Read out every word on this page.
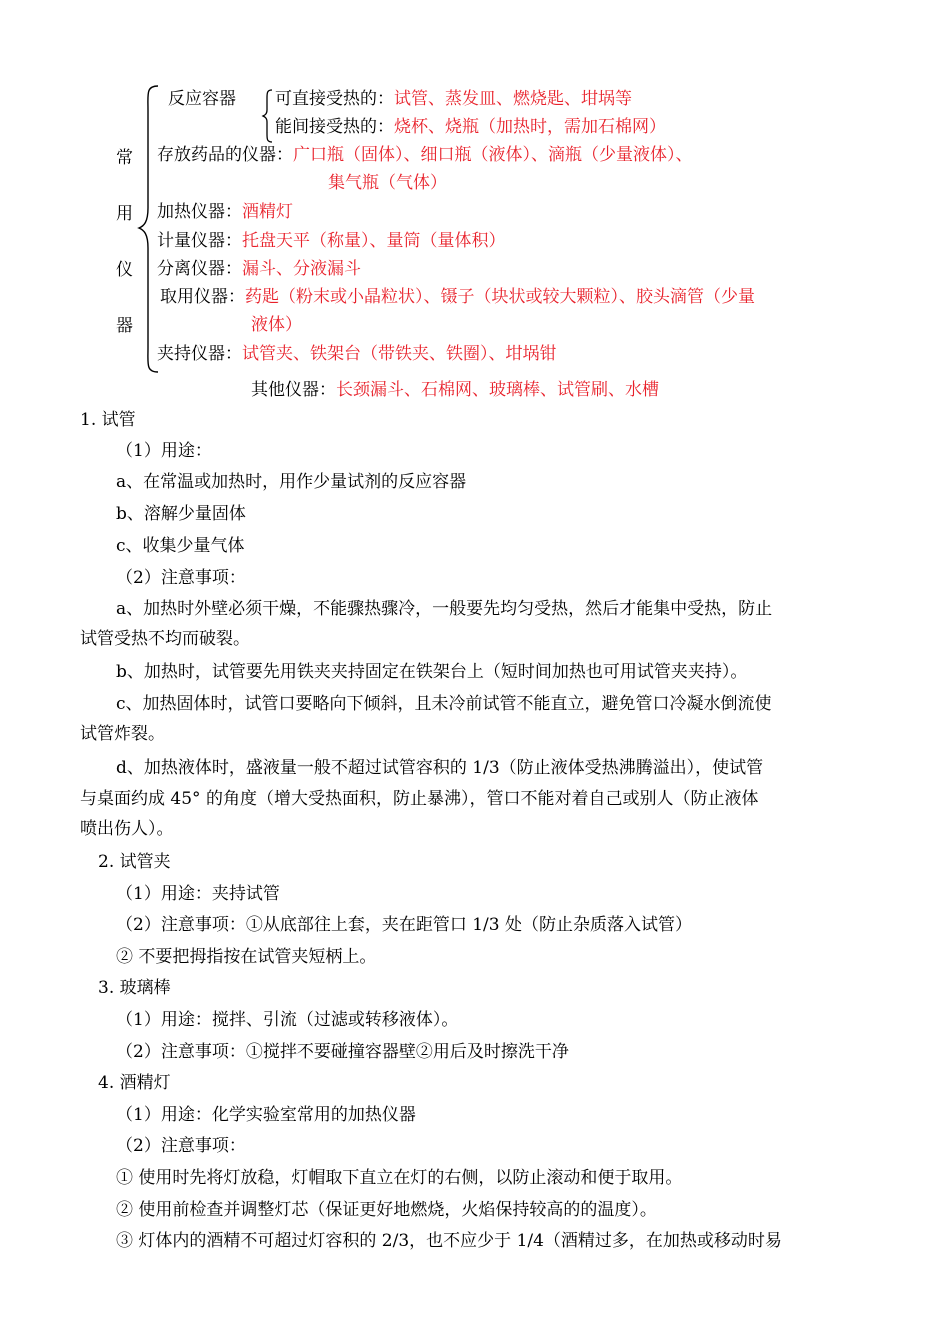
常
用
仪
器
反应容器 可直接受热的：试管、蒸发皿、燃烧匙、坩埚等
能间接受热的：烧杯、烧瓶（加热时，需加石棉网）
存放药品的仪器：广口瓶（固体）、细口瓶（液体）、滴瓶（少量液体）、
集气瓶（气体）
加热仪器：酒精灯
计量仪器：托盘天平（称量）、量筒（量体积）
分离仪器：漏斗、分液漏斗
取用仪器：药匙（粉末或小晶粒状）、镊子（块状或较大颗粒）、胶头滴管（少量
液体）
夹持仪器：试管夹、铁架台（带铁夹、铁圈）、坩埚钳
其他仪器：长颈漏斗、石棉网、玻璃棒、试管刷、水槽
1. 试管
（1）用途：
a、在常温或加热时，用作少量试剂的反应容器
b、溶解少量固体
c、收集少量气体
（2）注意事项：
a、加热时外壁必须干燥，不能骤热骤冷，一般要先均匀受热，然后才能集中受热，防止
试管受热不均而破裂。
b、加热时，试管要先用铁夹夹持固定在铁架台上（短时间加热也可用试管夹夹持）。
c、加热固体时，试管口要略向下倾斜，且未冷前试管不能直立，避免管口冷凝水倒流使
试管炸裂。
d、加热液体时，盛液量一般不超过试管容积的 1/3（防止液体受热沸腾溢出），使试管
与桌面约成 45° 的角度（增大受热面积，防止暴沸），管口不能对着自己或别人（防止液体
喷出伤人）。
2. 试管夹
（1）用途：夹持试管
（2）注意事项：①从底部往上套，夹在距管口 1/3 处（防止杂质落入试管）
② 不要把拇指按在试管夹短柄上。
3. 玻璃棒
（1）用途：搅拌、引流（过滤或转移液体）。
（2）注意事项：①搅拌不要碰撞容器壁②用后及时擦洗干净
4. 酒精灯
（1）用途：化学实验室常用的加热仪器
（2）注意事项：
① 使用时先将灯放稳，灯帽取下直立在灯的右侧，以防止滚动和便于取用。
② 使用前检查并调整灯芯（保证更好地燃烧，火焰保持较高的的温度）。
③ 灯体内的酒精不可超过灯容积的 2/3，也不应少于 1/4（酒精过多，在加热或移动时易
